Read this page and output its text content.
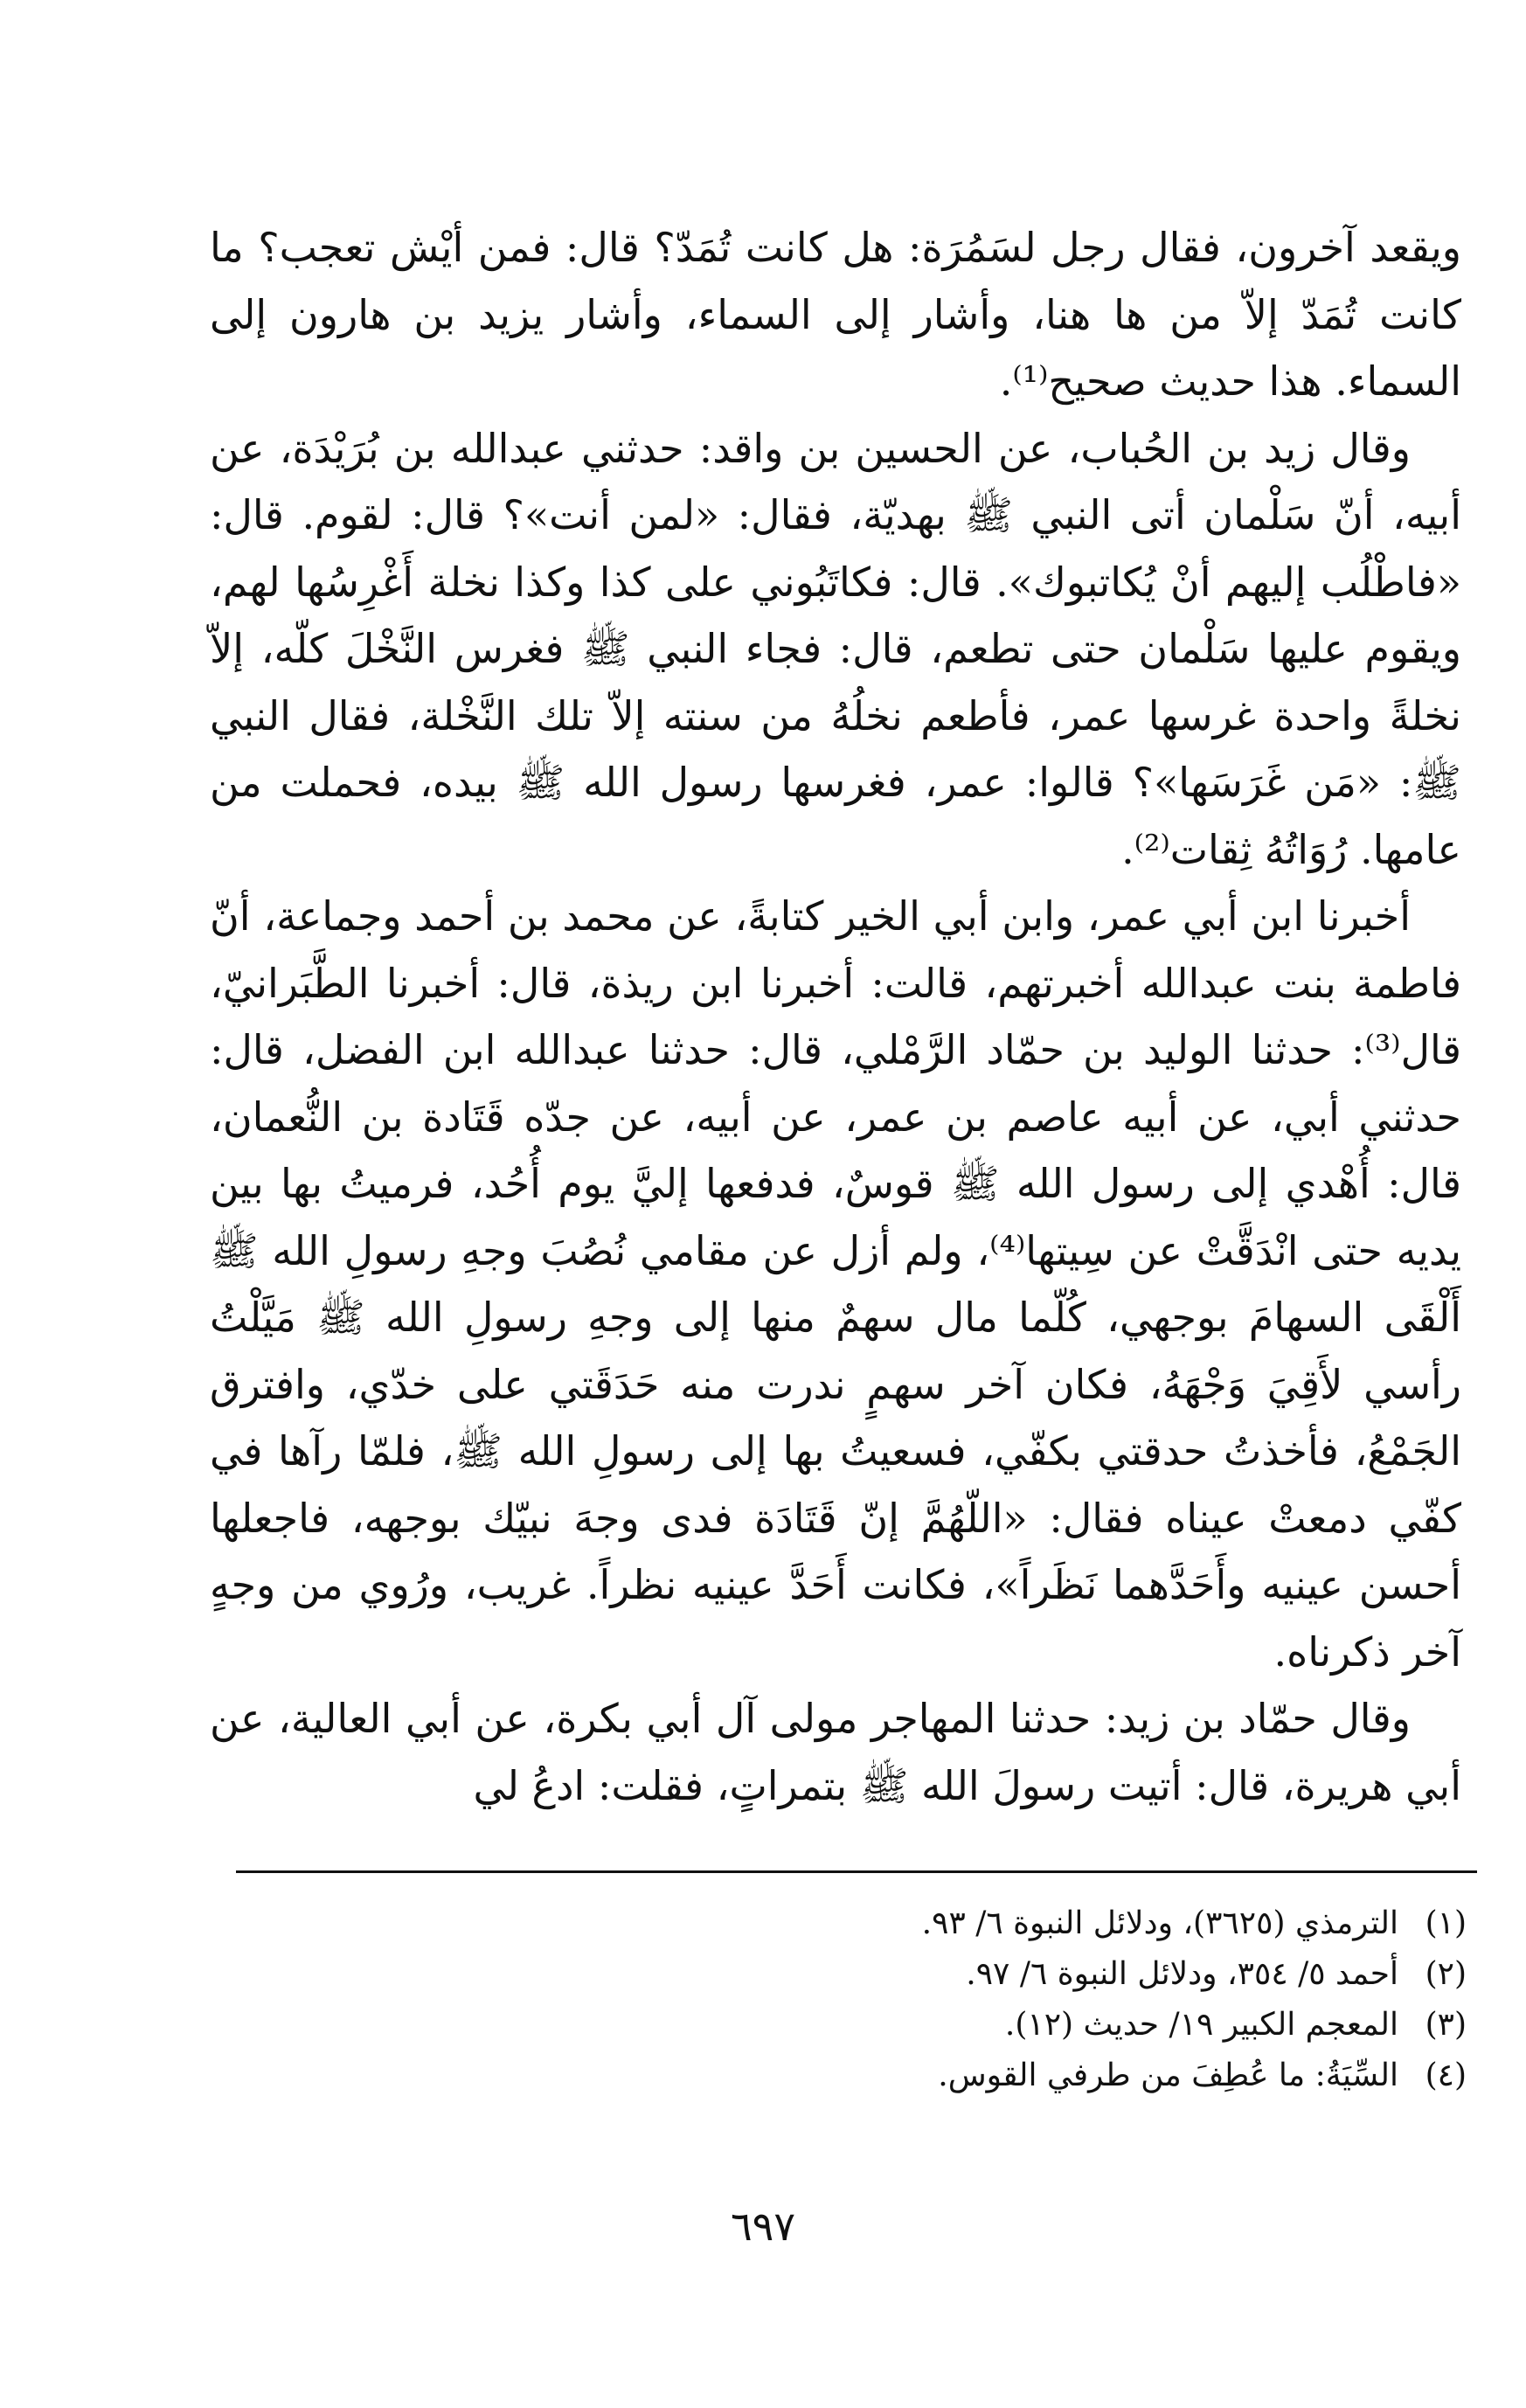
ويقعد آخرون، فقال رجل لسَمُرَة: هل كانت تُمَدّ؟ قال: فمن أيْش تعجب؟ ما كانت تُمَدّ إلاّ من ها هنا، وأشار إلى السماء، وأشار يزيد بن هارون إلى السماء. هذا حديث صحيح⁽¹⁾.

وقال زيد بن الحُباب، عن الحسين بن واقد: حدثني عبدالله بن بُرَيْدَة، عن أبيه، أنّ سَلْمان أتى النبي ﷺ بهديّة، فقال: «لمن أنت»؟ قال: لقوم. قال: «فاطْلُب إليهم أنْ يُكاتبوك». قال: فكاتَبُوني على كذا وكذا نخلة أَغْرِسُها لهم، ويقوم عليها سَلْمان حتى تطعم، قال: فجاء النبي ﷺ فغرس النَّخْلَ كلّه، إلاّ نخلةً واحدة غرسها عمر، فأطعم نخلُهُ من سنته إلاّ تلك النَّخْلة، فقال النبي ﷺ: «مَن غَرَسَها»؟ قالوا: عمر، فغرسها رسول الله ﷺ بيده، فحملت من عامها. رُوَاتُهُ ثِقات⁽²⁾.

أخبرنا ابن أبي عمر، وابن أبي الخير كتابةً، عن محمد بن أحمد وجماعة، أنّ فاطمة بنت عبدالله أخبرتهم، قالت: أخبرنا ابن ريذة، قال: أخبرنا الطَّبَرانيّ، قال⁽³⁾: حدثنا الوليد بن حمّاد الرَّمْلي، قال: حدثنا عبدالله ابن الفضل، قال: حدثني أبي، عن أبيه عاصم بن عمر، عن أبيه، عن جدّه قَتَادة بن النُّعمان، قال: أُهْدي إلى رسول الله ﷺ قوسٌ، فدفعها إليَّ يوم أُحُد، فرميتُ بها بين يديه حتى انْدَقَّتْ عن سِيتها⁽⁴⁾، ولم أزل عن مقامي نُصُبَ وجهِ رسولِ الله ﷺ أَلْقَى السهامَ بوجهي، كُلّما مال سهمٌ منها إلى وجهِ رسولِ الله ﷺ مَيَّلْتُ رأسي لأَقِيَ وَجْهَهُ، فكان آخر سهمٍ ندرت منه حَدَقَتي على خدّي، وافترق الجَمْعُ، فأخذتُ حدقتي بكفّي، فسعيتُ بها إلى رسولِ الله ﷺ، فلمّا رآها في كفّي دمعتْ عيناه فقال: «اللّهُمَّ إنّ قَتَادَة فدى وجهَ نبيّك بوجهه، فاجعلها أحسن عينيه وأَحَدَّهما نَظَراً»، فكانت أَحَدَّ عينيه نظراً. غريب، ورُوي من وجهٍ آخر ذكرناه.

وقال حمّاد بن زيد: حدثنا المهاجر مولى آل أبي بكرة، عن أبي العالية، عن أبي هريرة، قال: أتيت رسولَ الله ﷺ بتمراتٍ، فقلت: ادعُ لي

(١)
الترمذي (٣٦٢٥)، ودلائل النبوة ٦/ ٩٣.
(٢)
أحمد ٥/ ٣٥٤، ودلائل النبوة ٦/ ٩٧.
(٣)
المعجم الكبير ١٩/ حديث (١٢).
(٤)
السِّيَةُ: ما عُطِفَ من طرفي القوس.
٦٩٧
